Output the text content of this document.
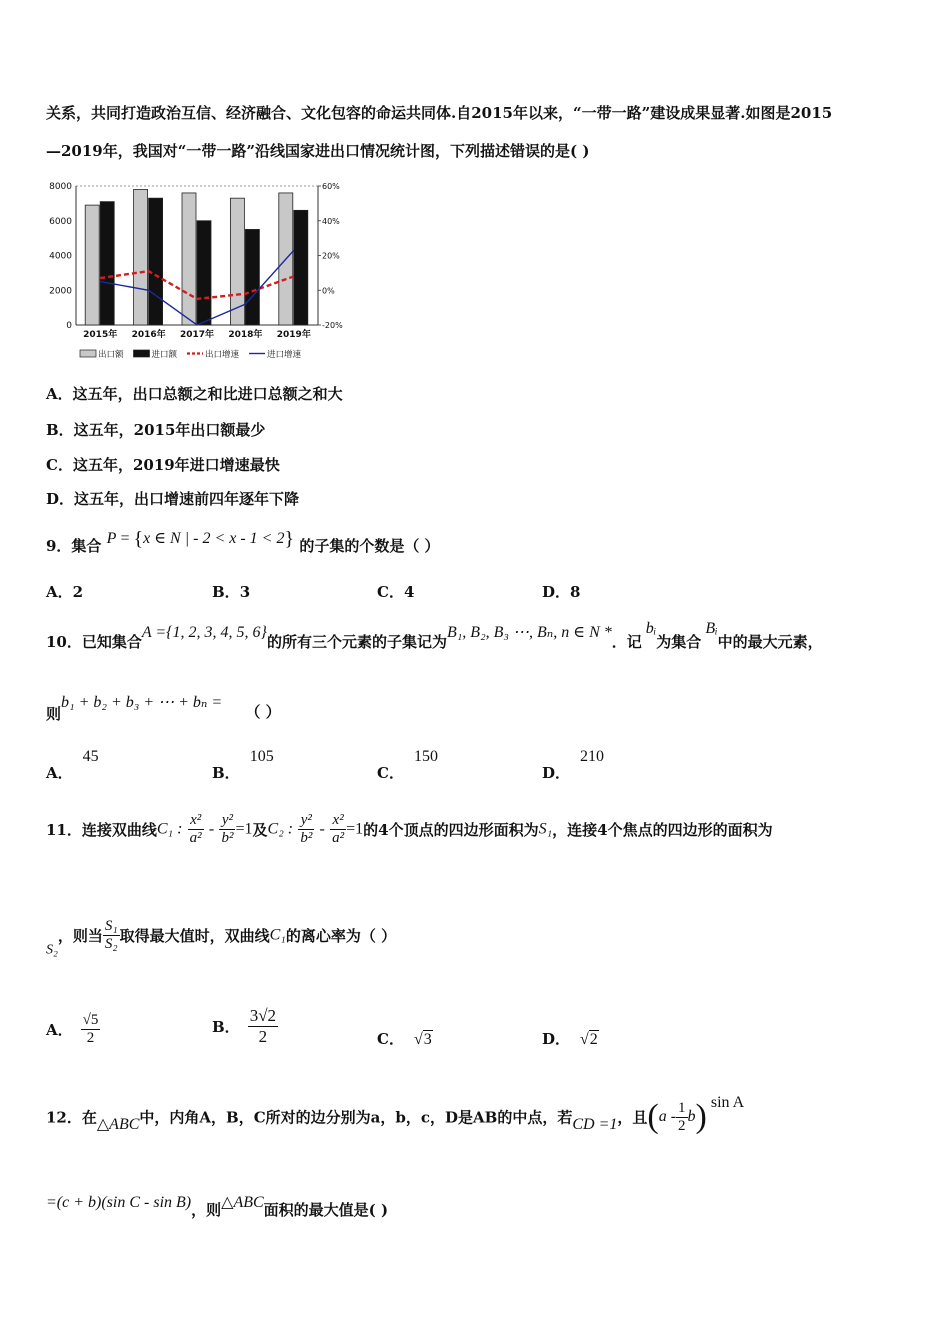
关系，共同打造政治互信、经济融合、文化包容的命运共同体.自2015年以来，“一带一路”建设成果显著.如图是2015
—2019年，我国对“一带一路”沿线国家进出口情况统计图，下列描述错误的是( )
0
2000
4000
6000
8000
-20%
0%
20%
40%
60%
2015年 2016年 2017年 2018年 2019年
出口额	进口额	出口增速	进口增速
A．这五年，出口总额之和比进口总额之和大
B．这五年，2015年出口额最少
C．这五年，2019年进口增速最快
D．这五年，出口增速前四年逐年下降
9．集合 P = {x ∈ N | - 2 < x - 1 < 2} 的子集的个数是（ ）
A．2	B．3	C．4	D．8
10．已知集合A ={1, 2, 3, 4, 5, 6}的所有三个元素的子集记为B₁, B₂, B₃ ⋯, Bₙ, n ∈ N *．记bᵢ为集合Bᵢ中的最大元素，
则b₁ + b₂ + b₃ + ⋯ + bₙ = （ ）
A．45
B．105
C．150
D．210
11．连接双曲线C₁ : $\frac{\text{x²}}{\text{a²}} - \frac{\text{y²}}{\text{b²}} =1$及C₂ : $\frac{\text{y²}}{\text{b²}} - \frac{\text{x²}}{\text{a²}} =1$的4个顶点的四边形面积为S₁，连接4个焦点的四边形的面积为
S₂，则当 $\frac{\text{S₁}}{\text{S₂}}$ 取得最大值时，双曲线C₁的离心率为（ ）
A． $\frac{√5}{2}$	B． $\frac{3√2}{2}$	C． √3	D． √2
12．在△ABC中，内角A，B，C所对的边分别为a，b，c，D是AB的中点，若CD =1，且$(a - \frac{1}{2} b)$ sin A
=(c + b)(sin C - sin B)，则△ABC面积的最大值是( )
